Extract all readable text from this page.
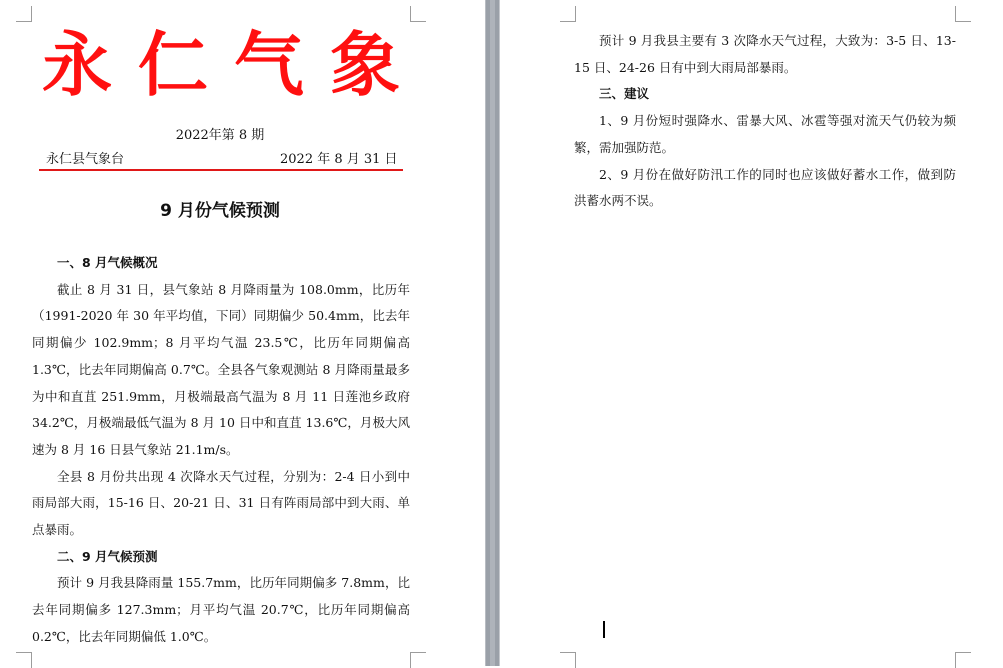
永 仁 气 象
2022年第 8 期
永仁县气象台	2022 年 8 月 31 日
9 月份气候预测
一、8 月气候概况

截止 8 月 31 日，县气象站 8 月降雨量为 108.0mm，比历年（1991-2020 年 30 年平均值，下同）同期偏少 50.4mm，比去年同期偏少 102.9mm；8 月平均气温 23.5℃，比历年同期偏高 1.3℃，比去年同期偏高 0.7℃。全县各气象观测站 8 月降雨量最多为中和直苴 251.9mm，月极端最高气温为 8 月 11 日莲池乡政府 34.2℃，月极端最低气温为 8 月 10 日中和直苴 13.6℃，月极大风速为 8 月 16 日县气象站 21.1m/s。

全县 8 月份共出现 4 次降水天气过程，分别为：2-4 日小到中雨局部大雨，15-16 日、20-21 日、31 日有阵雨局部中到大雨、单点暴雨。

二、9 月气候预测

预计 9 月我县降雨量 155.7mm，比历年同期偏多 7.8mm，比去年同期偏多 127.3mm；月平均气温 20.7℃，比历年同期偏高 0.2℃，比去年同期偏低 1.0℃。

预计 9 月我县主要有 3 次降水天气过程，大致为：3-5 日、13-15 日、24-26 日有中到大雨局部暴雨。

三、建议

1、9 月份短时强降水、雷暴大风、冰雹等强对流天气仍较为频繁，需加强防范。

2、9 月份在做好防汛工作的同时也应该做好蓄水工作，做到防洪蓄水两不误。
